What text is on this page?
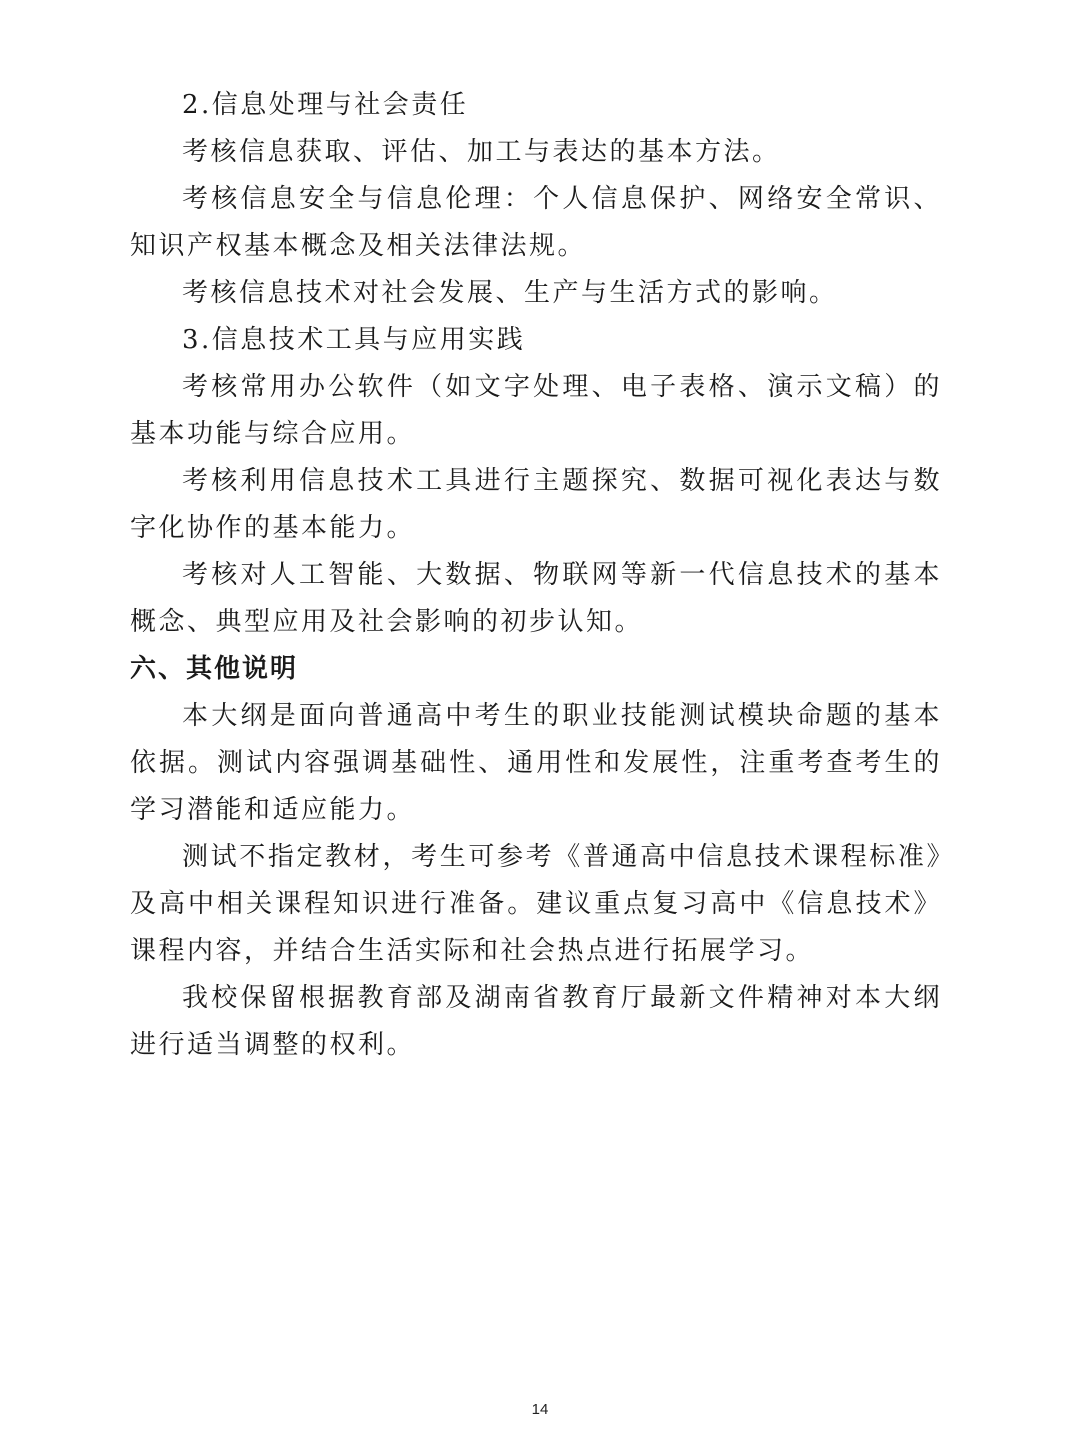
2.信息处理与社会责任

考核信息获取、评估、加工与表达的基本方法。

考核信息安全与信息伦理：个人信息保护、网络安全常识、知识产权基本概念及相关法律法规。

考核信息技术对社会发展、生产与生活方式的影响。

3.信息技术工具与应用实践

考核常用办公软件（如文字处理、电子表格、演示文稿）的基本功能与综合应用。

考核利用信息技术工具进行主题探究、数据可视化表达与数字化协作的基本能力。

考核对人工智能、大数据、物联网等新一代信息技术的基本概念、典型应用及社会影响的初步认知。

六、其他说明

本大纲是面向普通高中考生的职业技能测试模块命题的基本依据。测试内容强调基础性、通用性和发展性，注重考查考生的学习潜能和适应能力。

测试不指定教材，考生可参考《普通高中信息技术课程标准》及高中相关课程知识进行准备。建议重点复习高中《信息技术》课程内容，并结合生活实际和社会热点进行拓展学习。

我校保留根据教育部及湖南省教育厅最新文件精神对本大纲进行适当调整的权利。

14
